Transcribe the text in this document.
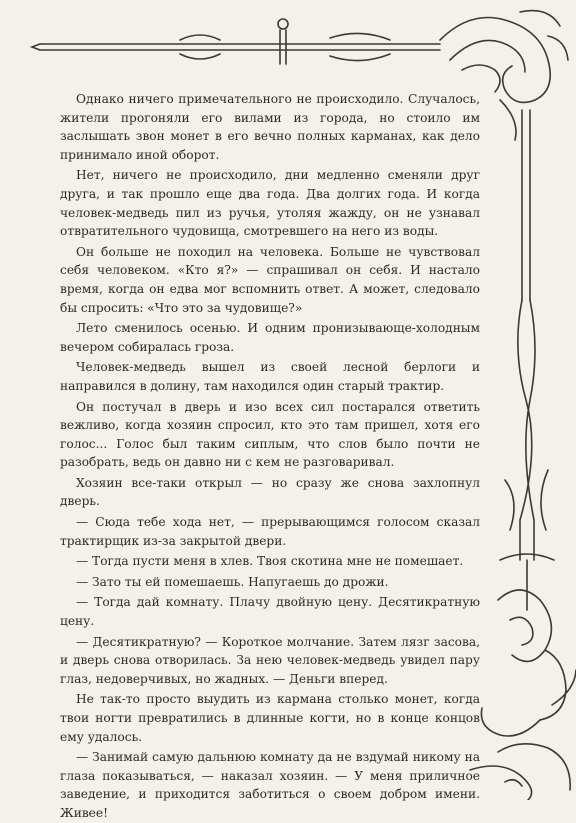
Однако ничего примечательного не происходило. Случалось, жители прогоняли его вилами из города, но стоило им заслышать звон монет в его вечно полных карманах, как дело принимало иной оборот.

Нет, ничего не происходило, дни медленно сменяли друг друга, и так прошло еще два года. Два долгих года. И когда человек-медведь пил из ручья, утоляя жажду, он не узнавал отвратительного чудовища, смотревшего на него из воды.

Он больше не походил на человека. Больше не чувствовал себя человеком. «Кто я?» — спрашивал он себя. И настало время, когда он едва мог вспомнить ответ. А может, следовало бы спросить: «Что это за чудовище?»

Лето сменилось осенью. И одним пронизывающе-холодным вечером собиралась гроза.

Человек-медведь вышел из своей лесной берлоги и направился в долину, там находился один старый трактир.

Он постучал в дверь и изо всех сил постарался ответить вежливо, когда хозяин спросил, кто это там пришел, хотя его голос... Голос был таким сиплым, что слов было почти не разобрать, ведь он давно ни с кем не разговаривал.

Хозяин все-таки открыл — но сразу же снова захлопнул дверь.

— Сюда тебе хода нет, — прерывающимся голосом сказал трактирщик из-за закрытой двери.

— Тогда пусти меня в хлев. Твоя скотина мне не помешает.

— Зато ты ей помешаешь. Напугаешь до дрожи.

— Тогда дай комнату. Плачу двойную цену. Десятикратную цену.

— Десятикратную? — Короткое молчание. Затем лязг засова, и дверь снова отворилась. За нею человек-медведь увидел пару глаз, недоверчивых, но жадных. — Деньги вперед.

Не так-то просто выудить из кармана столько монет, когда твои ногти превратились в длинные когти, но в конце концов ему удалось.

— Занимай самую дальнюю комнату да не вздумай никому на глаза показываться, — наказал хозяин. — У меня приличное заведение, и приходится заботиться о своем добром имени. Живее!
